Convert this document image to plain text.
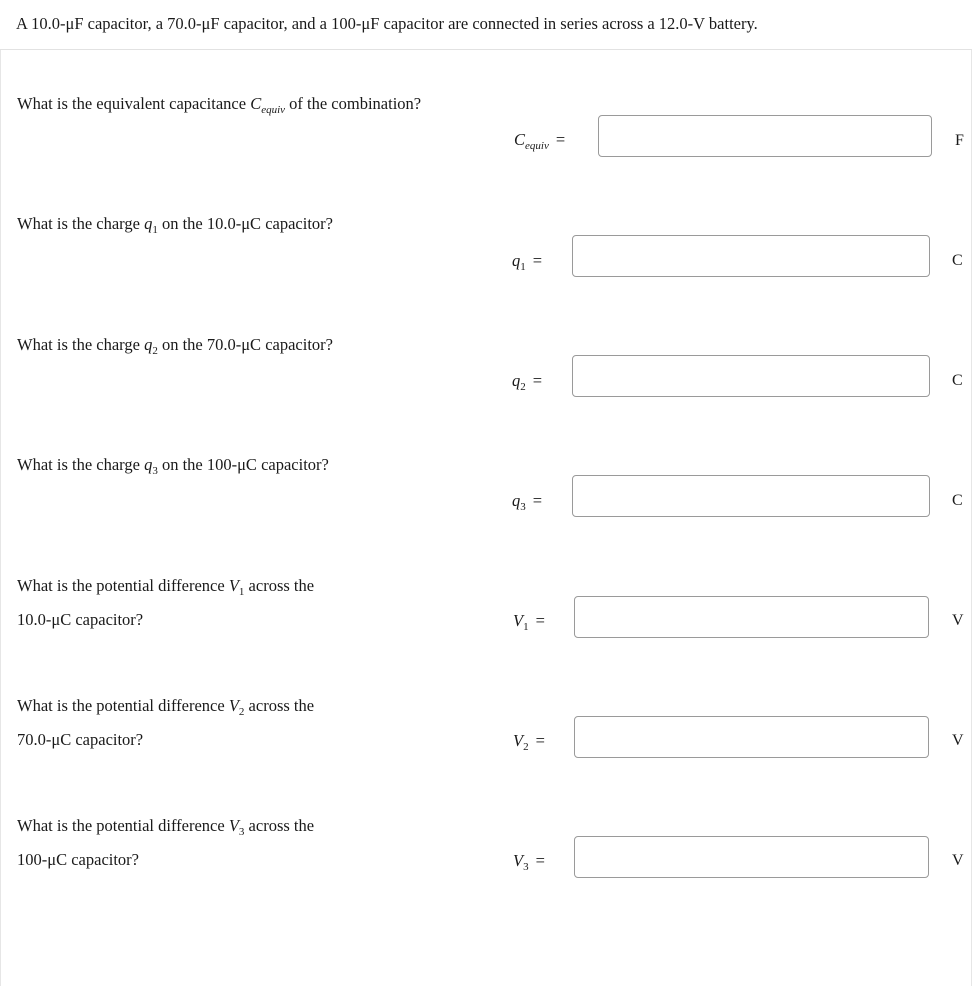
A 10.0-μF capacitor, a 70.0-μF capacitor, and a 100-μF capacitor are connected in series across a 12.0-V battery.
What is the equivalent capacitance $C_{equiv}$ of the combination?
$C_{equiv}$ =	F
What is the charge $q_1$ on the 10.0-μC capacitor?
$q_1$ =	C
What is the charge $q_2$ on the 70.0-μC capacitor?
$q_2$ =	C
What is the charge $q_3$ on the 100-μC capacitor?
$q_3$ =	C
What is the potential difference $V_1$ across the
10.0-μC capacitor?	$V_1$ =	V
What is the potential difference $V_2$ across the
70.0-μC capacitor?	$V_2$ =	V
What is the potential difference $V_3$ across the
100-μC capacitor?	$V_3$ =	V
